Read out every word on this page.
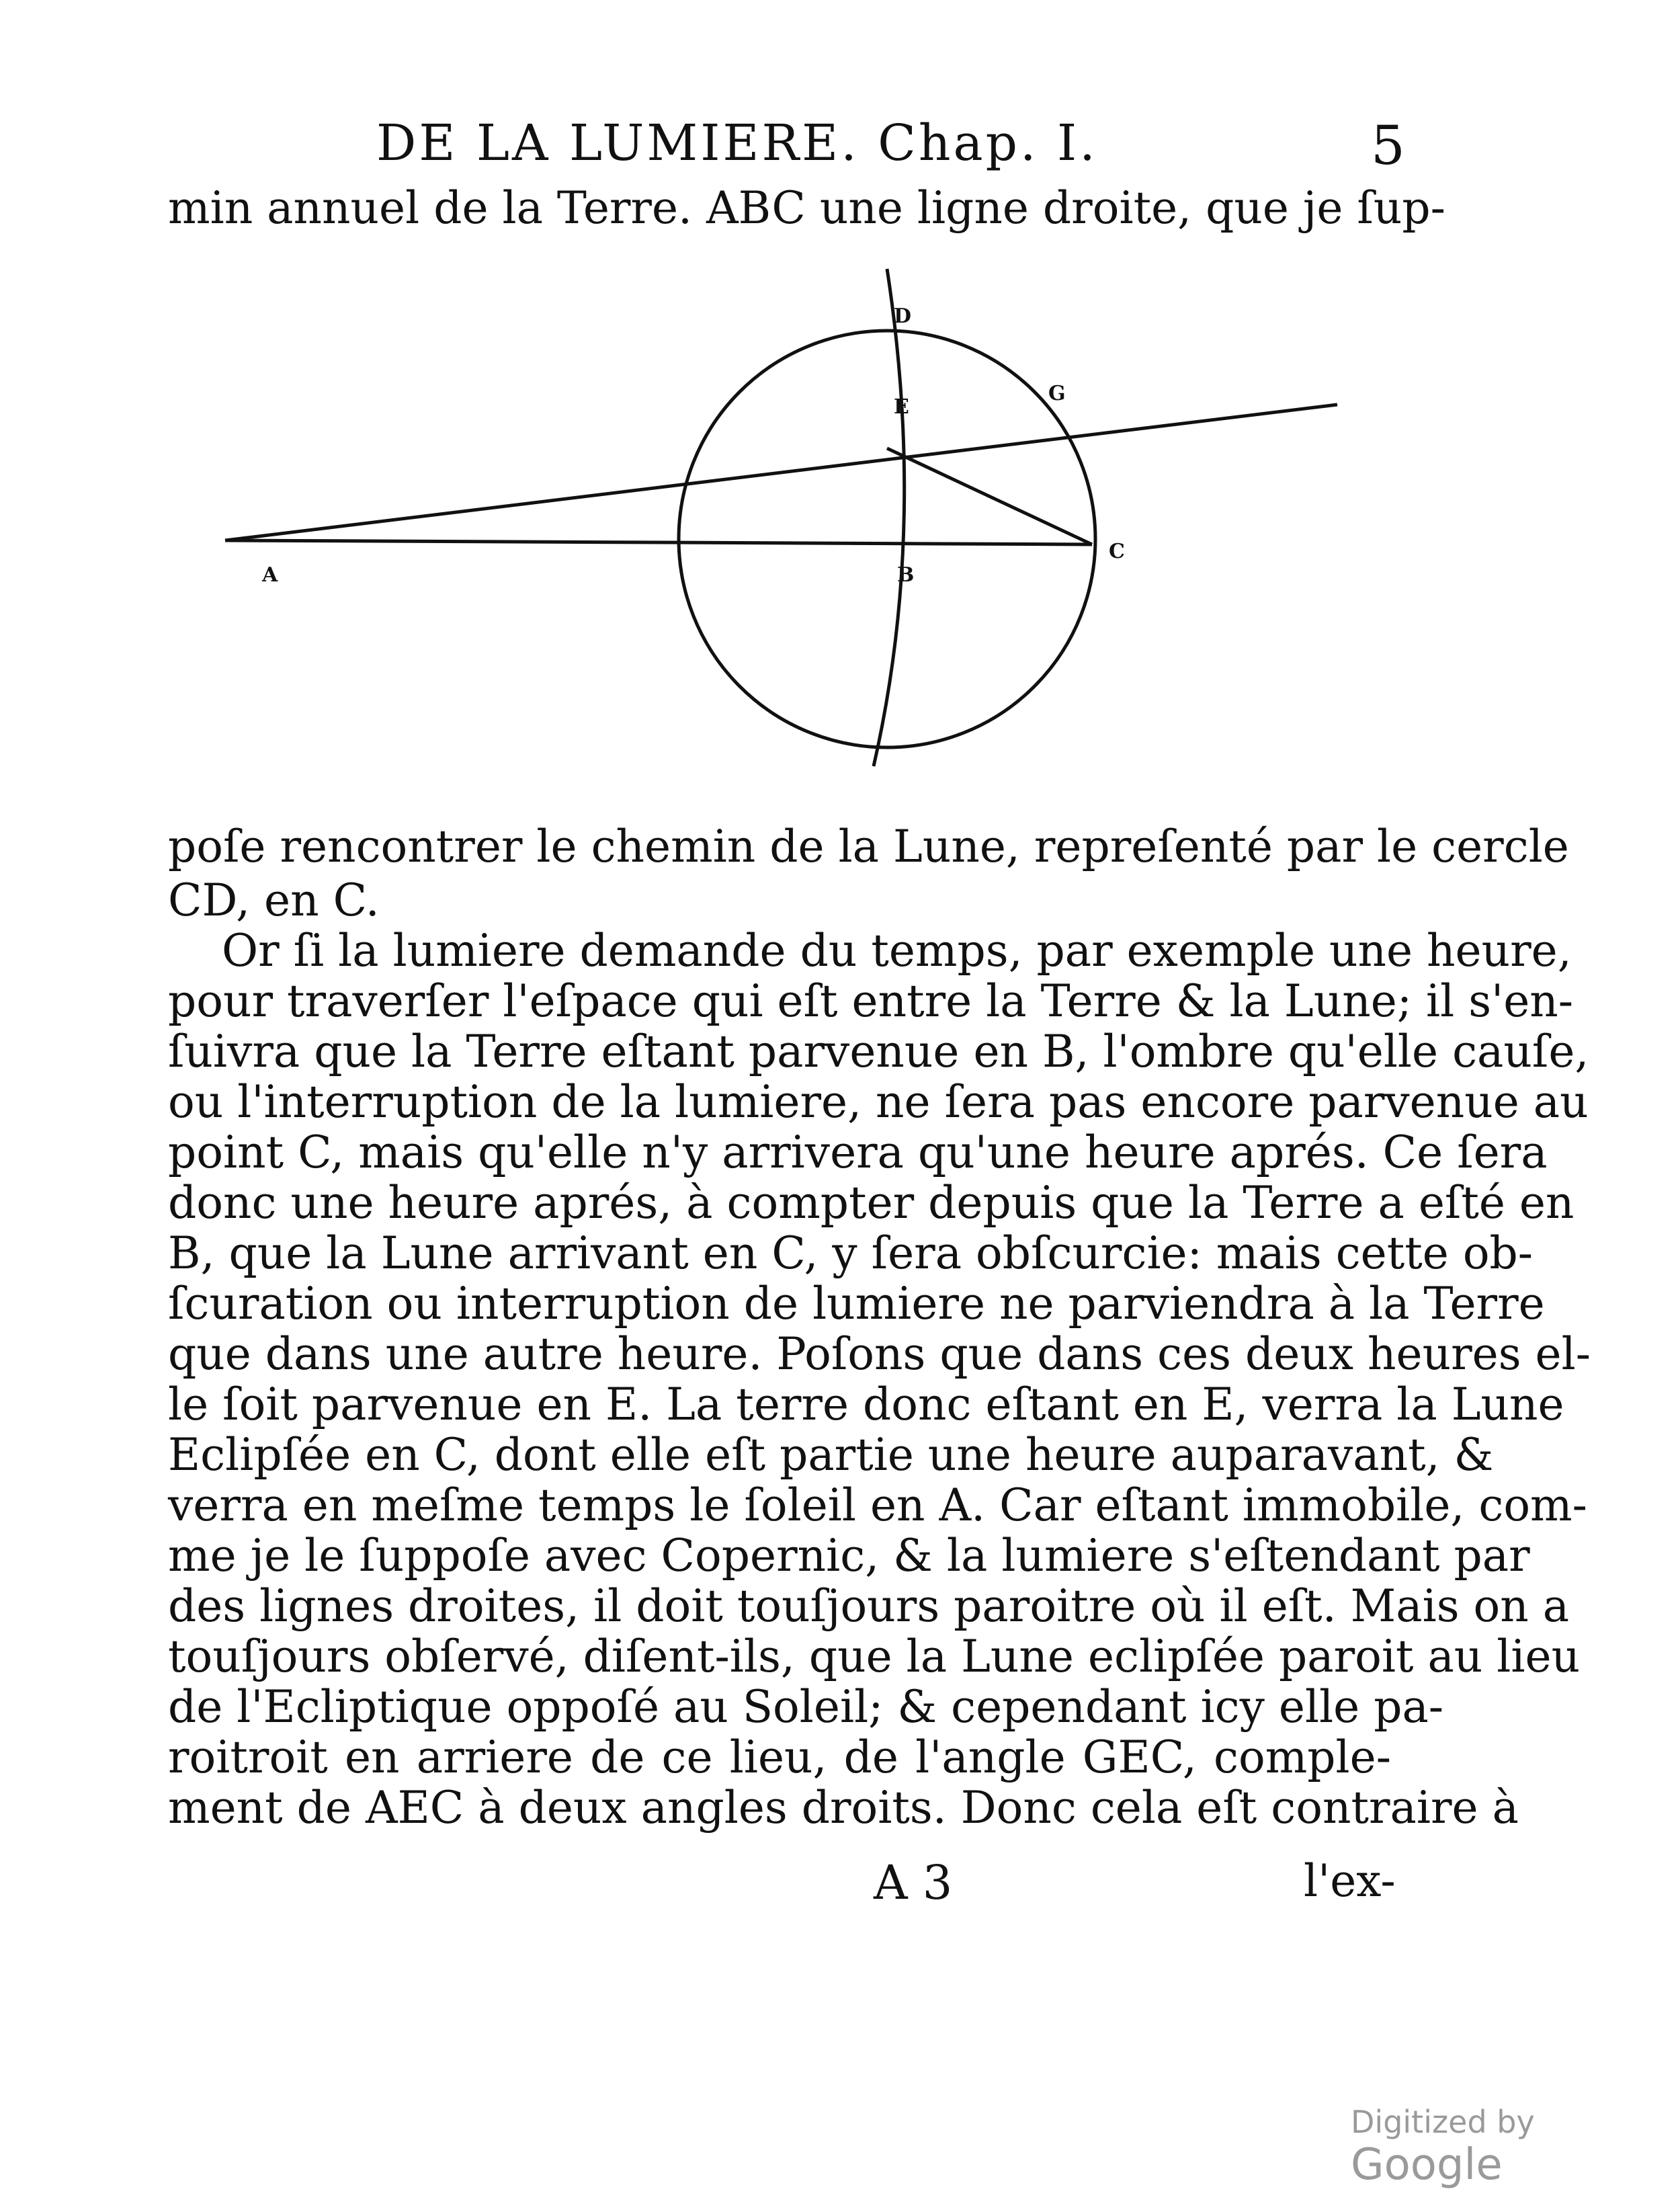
DE LA LUMIERE. Chap. I.	5
min annuel de la Terre. ABC une ligne droite, que je ſup-
A	B
C
D
E
G
poſe rencontrer le chemin de la Lune, repreſenté par le cercle
CD, en C.
Or ſi la lumiere demande du temps, par exemple une heure,
pour traverſer l'eſpace qui eſt entre la Terre & la Lune; il s'en-
ſuivra que la Terre eſtant parvenue en B, l'ombre qu'elle cauſe,
ou l'interruption de la lumiere, ne ſera pas encore parvenue au
point C, mais qu'elle n'y arrivera qu'une heure aprés. Ce ſera
donc une heure aprés, à compter depuis que la Terre a eſté en
B, que la Lune arrivant en C, y ſera obſcurcie: mais cette ob-
ſcuration ou interruption de lumiere ne parviendra à la Terre
que dans une autre heure. Poſons que dans ces deux heures el-
le ſoit parvenue en E. La terre donc eſtant en E, verra la Lune
Eclipſée en C, dont elle eſt partie une heure auparavant, &
verra en meſme temps le ſoleil en A. Car eſtant immobile, com-
me je le ſuppoſe avec Copernic, & la lumiere s'eſtendant par
des lignes droites, il doit touſjours paroitre où il eſt. Mais on a
touſjours obſervé, diſent-ils, que la Lune eclipſée paroit au lieu
de l'Ecliptique oppoſé au Soleil; & cependant icy elle pa-
roitroit en arriere de ce lieu, de l'angle GEC, comple-
ment de AEC à deux angles droits. Donc cela eſt contraire à
A 3	l'ex-
Digitized by Google
